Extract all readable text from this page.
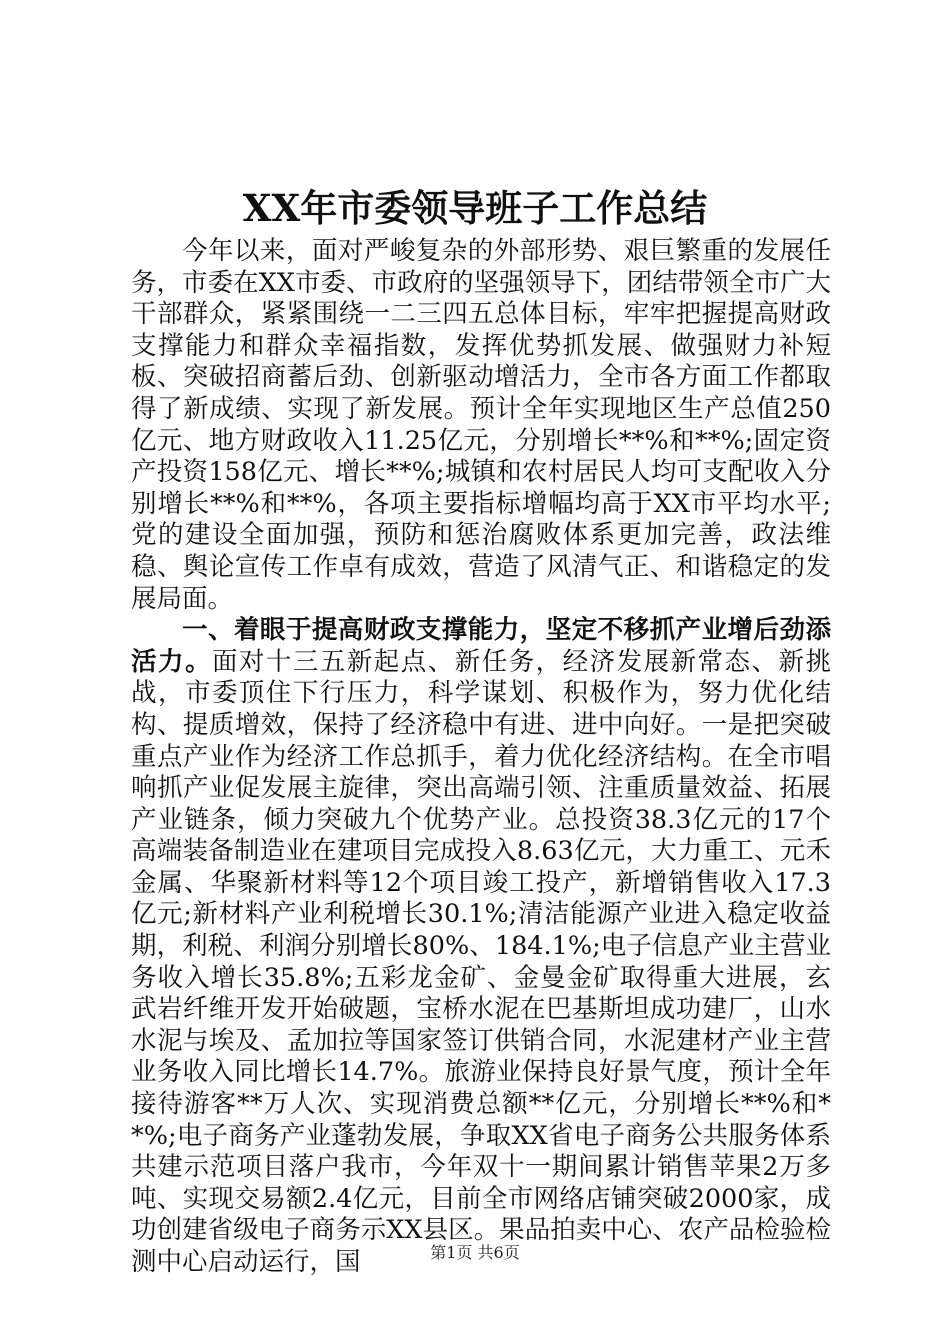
XX年市委领导班子工作总结

今年以来，面对严峻复杂的外部形势、艰巨繁重的发展任务，市委在XX市委、市政府的坚强领导下，团结带领全市广大干部群众，紧紧围绕一二三四五总体目标，牢牢把握提高财政支撑能力和群众幸福指数，发挥优势抓发展、做强财力补短板、突破招商蓄后劲、创新驱动增活力，全市各方面工作都取得了新成绩、实现了新发展。预计全年实现地区生产总值250亿元、地方财政收入11.25亿元，分别增长**%和**%;固定资产投资158亿元、增长**%;城镇和农村居民人均可支配收入分别增长**%和**%，各项主要指标增幅均高于XX市平均水平;党的建设全面加强，预防和惩治腐败体系更加完善，政法维稳、舆论宣传工作卓有成效，营造了风清气正、和谐稳定的发展局面。

一、着眼于提高财政支撑能力，坚定不移抓产业增后劲添活力。面对十三五新起点、新任务，经济发展新常态、新挑战，市委顶住下行压力，科学谋划、积极作为，努力优化结构、提质增效，保持了经济稳中有进、进中向好。一是把突破重点产业作为经济工作总抓手，着力优化经济结构。在全市唱响抓产业促发展主旋律，突出高端引领、注重质量效益、拓展产业链条，倾力突破九个优势产业。总投资38.3亿元的17个高端装备制造业在建项目完成投入8.63亿元，大力重工、元禾金属、华聚新材料等12个项目竣工投产，新增销售收入17.3亿元;新材料产业利税增长30.1%;清洁能源产业进入稳定收益期，利税、利润分别增长80%、184.1%;电子信息产业主营业务收入增长35.8%;五彩龙金矿、金曼金矿取得重大进展，玄武岩纤维开发开始破题，宝桥水泥在巴基斯坦成功建厂，山水水泥与埃及、孟加拉等国家签订供销合同，水泥建材产业主营业务收入同比增长14.7%。旅游业保持良好景气度，预计全年接待游客**万人次、实现消费总额**亿元，分别增长**%和**%;电子商务产业蓬勃发展，争取XX省电子商务公共服务体系共建示范项目落户我市，今年双十一期间累计销售苹果2万多吨、实现交易额2.4亿元，目前全市网络店铺突破2000家，成功创建省级电子商务示XX县区。果品拍卖中心、农产品检验检测中心启动运行，国	第1页 共6页
